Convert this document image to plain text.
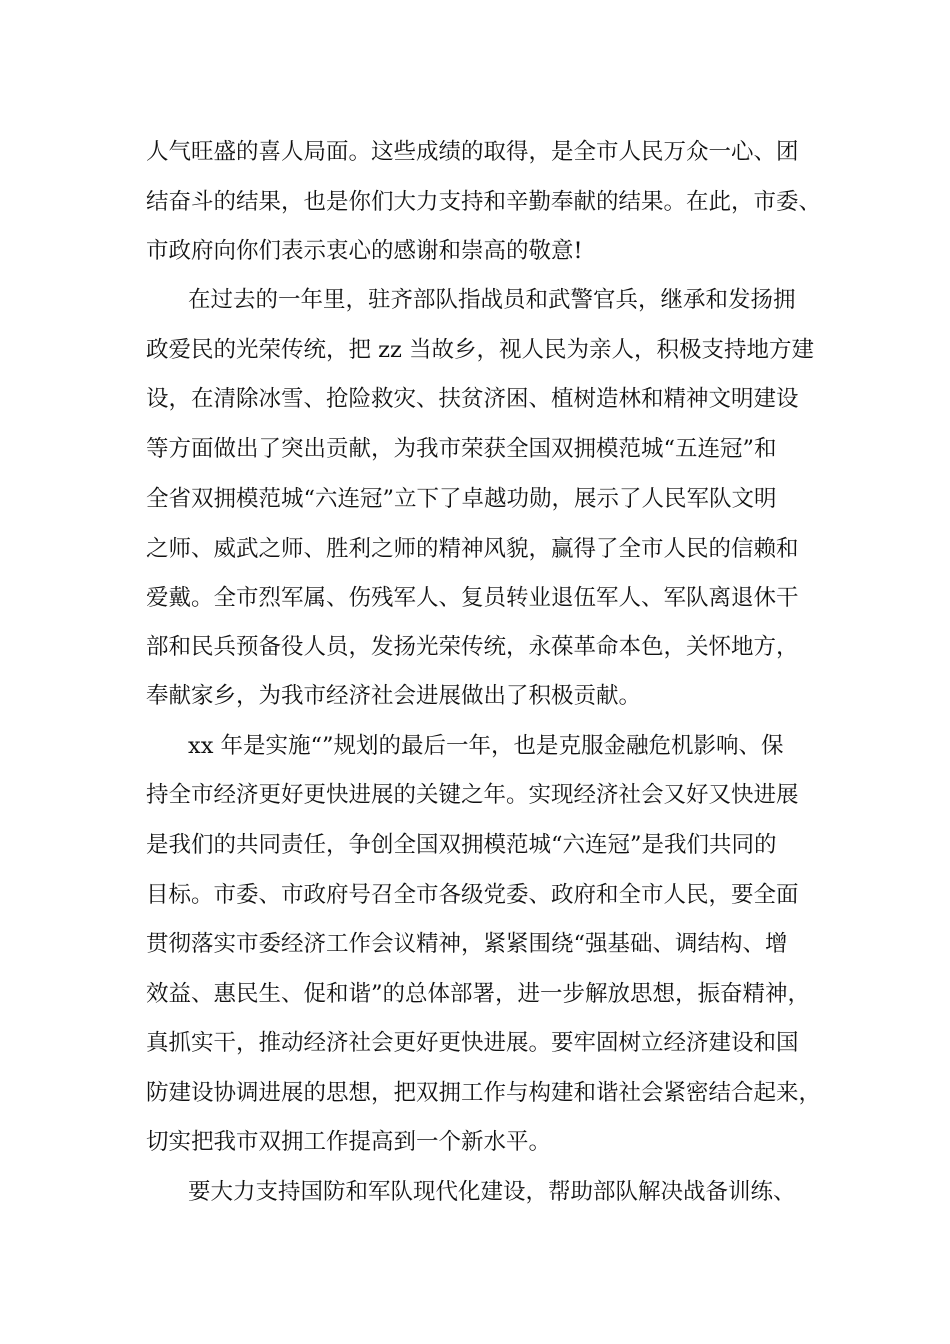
人气旺盛的喜人局面。这些成绩的取得，是全市人民万众一心、团
结奋斗的结果，也是你们大力支持和辛勤奉献的结果。在此，市委、
市政府向你们表示衷心的感谢和崇高的敬意!
在过去的一年里，驻齐部队指战员和武警官兵，继承和发扬拥
政爱民的光荣传统，把 zz 当故乡，视人民为亲人，积极支持地方建
设，在清除冰雪、抢险救灾、扶贫济困、植树造林和精神文明建设
等方面做出了突出贡献，为我市荣获全国双拥模范城“五连冠”和
全省双拥模范城“六连冠”立下了卓越功勋，展示了人民军队文明
之师、威武之师、胜利之师的精神风貌，赢得了全市人民的信赖和
爱戴。全市烈军属、伤残军人、复员转业退伍军人、军队离退休干
部和民兵预备役人员，发扬光荣传统，永葆革命本色，关怀地方，
奉献家乡，为我市经济社会进展做出了积极贡献。
xx 年是实施“”规划的最后一年，也是克服金融危机影响、保
持全市经济更好更快进展的关键之年。实现经济社会又好又快进展
是我们的共同责任，争创全国双拥模范城“六连冠”是我们共同的
目标。市委、市政府号召全市各级党委、政府和全市人民，要全面
贯彻落实市委经济工作会议精神，紧紧围绕“强基础、调结构、增
效益、惠民生、促和谐”的总体部署，进一步解放思想，振奋精神，
真抓实干，推动经济社会更好更快进展。要牢固树立经济建设和国
防建设协调进展的思想，把双拥工作与构建和谐社会紧密结合起来，
切实把我市双拥工作提高到一个新水平。
要大力支持国防和军队现代化建设，帮助部队解决战备训练、
